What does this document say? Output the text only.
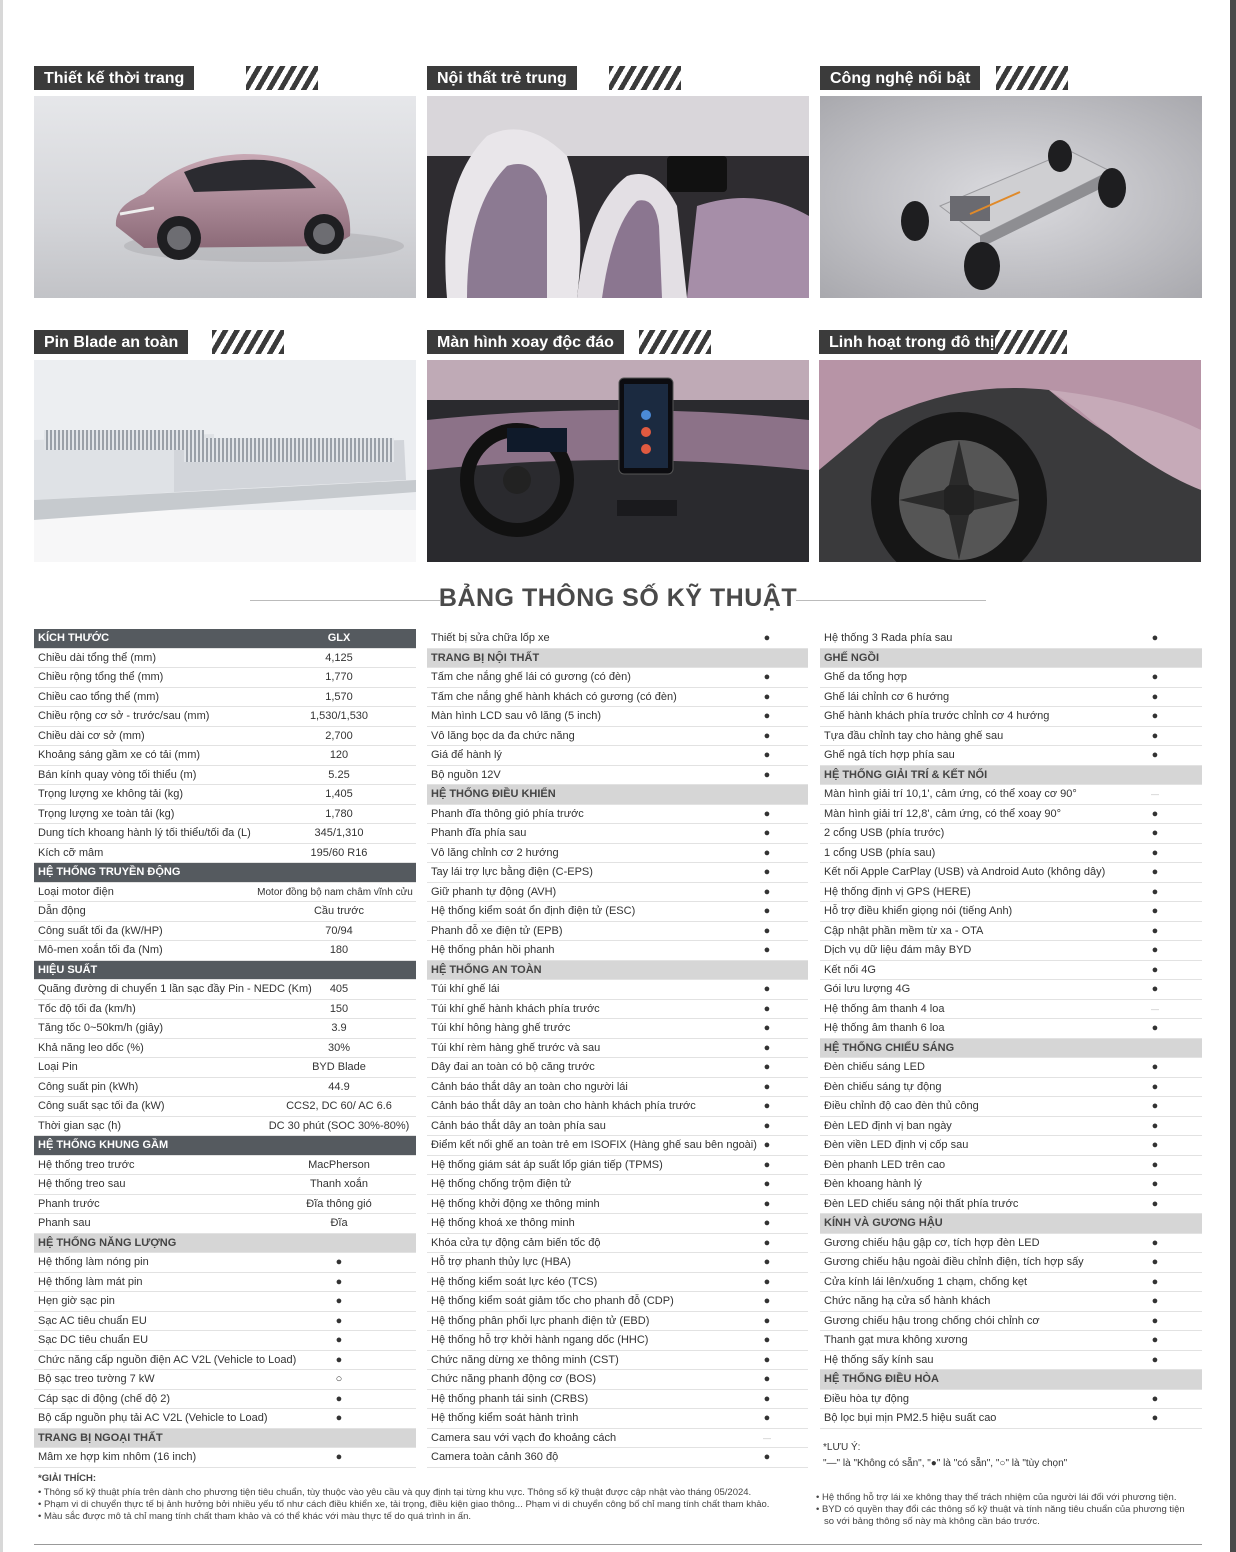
Thiết kế thời trang	Nội thất trẻ trung	Công nghệ nổi bật
Pin Blade an toàn	Màn hình xoay độc đáo	Linh hoạt trong đô thị
BẢNG THÔNG SỐ KỸ THUẬT
KÍCH THƯỚC	GLX
Chiều dài tổng thể (mm)	4,125
Chiều rộng tổng thể (mm)	1,770
Chiều cao tổng thể (mm)	1,570
Chiều rộng cơ sở - trước/sau (mm)	1,530/1,530
Chiều dài cơ sở (mm)	2,700
Khoảng sáng gầm xe có tải (mm)	120
Bán kính quay vòng tối thiểu (m)	5.25
Trọng lượng xe không tải (kg)	1,405
Trọng lượng xe toàn tải (kg)	1,780
Dung tích khoang hành lý tối thiểu/tối đa (L)	345/1,310
Kích cỡ mâm	195/60 R16
HỆ THỐNG TRUYỀN ĐỘNG
Loại motor điện	Motor đồng bộ nam châm vĩnh cửu
Dẫn động	Cầu trước
Công suất tối đa (kW/HP)	70/94
Mô-men xoắn tối đa (Nm)	180
HIỆU SUẤT
Quãng đường di chuyển 1 lần sạc đầy Pin - NEDC (Km)	405
Tốc độ tối đa (km/h)	150
Tăng tốc 0~50km/h (giây)	3.9
Khả năng leo dốc (%)	30%
Loại Pin	BYD Blade
Công suất pin (kWh)	44.9
Công suất sạc tối đa (kW)	CCS2, DC 60/ AC 6.6
Thời gian sạc (h)	DC 30 phút (SOC 30%-80%)
HỆ THỐNG KHUNG GẦM
Hệ thống treo trước	MacPherson
Hệ thống treo sau	Thanh xoắn
Phanh trước	Đĩa thông gió
Phanh sau	Đĩa
HỆ THỐNG NĂNG LƯỢNG
Hệ thống làm nóng pin	●
Hệ thống làm mát pin	●
Hẹn giờ sạc pin	●
Sạc AC tiêu chuẩn EU	●
Sạc DC tiêu chuẩn EU	●
Chức năng cấp nguồn điện AC V2L (Vehicle to Load)	●
Bộ sạc treo tường 7 kW	○
Cáp sạc di động (chế độ 2)	●
Bộ cấp nguồn phụ tải AC V2L (Vehicle to Load)	●
TRANG BỊ NGOẠI THẤT
Mâm xe hợp kim nhôm (16 inch)	●
Thiết bị sửa chữa lốp xe	●
TRANG BỊ NỘI THẤT
Tấm che nắng ghế lái có gương (có đèn)	●
Tấm che nắng ghế hành khách có gương (có đèn)	●
Màn hình LCD sau vô lăng (5 inch)	●
Vô lăng bọc da đa chức năng	●
Giá để hành lý	●
Bộ nguồn 12V	●
HỆ THỐNG ĐIỀU KHIỂN
Phanh đĩa thông gió phía trước	●
Phanh đĩa phía sau	●
Vô lăng chỉnh cơ 2 hướng	●
Tay lái trợ lực bằng điện (C-EPS)	●
Giữ phanh tự động (AVH)	●
Hệ thống kiểm soát ổn định điện tử (ESC)	●
Phanh đỗ xe điện tử (EPB)	●
Hệ thống phản hồi phanh	●
HỆ THỐNG AN TOÀN
Túi khí ghế lái	●
Túi khí ghế hành khách phía trước	●
Túi khí hông hàng ghế trước	●
Túi khí rèm hàng ghế trước và sau	●
Dây đai an toàn có bộ căng trước	●
Cảnh báo thắt dây an toàn cho người lái	●
Cảnh báo thắt dây an toàn cho hành khách phía trước	●
Cảnh báo thắt dây an toàn phía sau	●
Điểm kết nối ghế an toàn trẻ em ISOFIX (Hàng ghế sau bên ngoài) ●
Hệ thống giám sát áp suất lốp gián tiếp (TPMS)	●
Hệ thống chống trộm điện tử	●
Hệ thống khởi động xe thông minh	●
Hệ thống khoá xe thông minh	●
Khóa cửa tự động cảm biến tốc độ	●
Hỗ trợ phanh thủy lực (HBA)	●
Hệ thống kiểm soát lực kéo (TCS)	●
Hệ thống kiểm soát giảm tốc cho phanh đỗ (CDP)	●
Hệ thống phân phối lực phanh điện tử (EBD)	●
Hệ thống hỗ trợ khởi hành ngang dốc (HHC)	●
Chức năng dừng xe thông minh (CST)	●
Chức năng phanh động cơ (BOS)	●
Hệ thống phanh tái sinh (CRBS)	●
Hệ thống kiểm soát hành trình	●
Camera sau với vạch đo khoảng cách	—
Camera toàn cảnh 360 độ	●
Hệ thống 3 Rada phía sau	●
GHẾ NGỒI
Ghế da tổng hợp	●
Ghế lái chỉnh cơ 6 hướng	●
Ghế hành khách phía trước chỉnh cơ 4 hướng	●
Tựa đầu chỉnh tay cho hàng ghế sau	●
Ghế ngả tích hợp phía sau	●
HỆ THỐNG GIẢI TRÍ & KẾT NỐI
Màn hình giải trí 10,1', cảm ứng, có thể xoay cơ 90°	—
Màn hình giải trí 12,8', cảm ứng, có thể xoay 90°	●
2 cổng USB (phía trước)	●
1 cổng USB (phía sau)	●
Kết nối Apple CarPlay (USB) và Android Auto (không dây)	●
Hệ thống định vị GPS (HERE)	●
Hỗ trợ điều khiển giọng nói (tiếng Anh)	●
Cập nhật phần mềm từ xa - OTA	●
Dịch vụ dữ liệu đám mây BYD	●
Kết nối 4G	●
Gói lưu lượng 4G	●
Hệ thống âm thanh 4 loa	—
Hệ thống âm thanh 6 loa	●
HỆ THỐNG CHIẾU SÁNG
Đèn chiếu sáng LED	●
Đèn chiếu sáng tự động	●
Điều chỉnh độ cao đèn thủ công	●
Đèn LED định vị ban ngày	●
Đèn viền LED định vị cốp sau	●
Đèn phanh LED trên cao	●
Đèn khoang hành lý	●
Đèn LED chiếu sáng nội thất phía trước	●
KÍNH VÀ GƯƠNG HẬU
Gương chiếu hậu gập cơ, tích hợp đèn LED	●
Gương chiếu hậu ngoài điều chỉnh điện, tích hợp sấy	●
Cửa kính lái lên/xuống 1 chạm, chống kẹt	●
Chức năng hạ cửa sổ hành khách	●
Gương chiếu hậu trong chống chói chỉnh cơ	●
Thanh gạt mưa không xương	●
Hệ thống sấy kính sau	●
HỆ THỐNG ĐIỀU HÒA
Điều hòa tự động	●
Bộ lọc bụi mịn PM2.5 hiệu suất cao	●
*LƯU Ý:
"—" là "Không có sẵn", "●" là "có sẵn", "○" là "tùy chọn"
*GIẢI THÍCH:
• Thông số kỹ thuật phía trên dành cho phương tiện tiêu chuẩn, tùy thuộc vào yêu cầu và quy định tại từng khu vực. Thông số kỹ thuật được cập nhật vào tháng 05/2024.
• Phạm vi di chuyển thực tế bị ảnh hưởng bởi nhiều yếu tố như cách điều khiển xe, tải trọng, điều kiện giao thông... Phạm vi di chuyển công bố chỉ mang tính chất tham khảo.
• Màu sắc được mô tả chỉ mang tính chất tham khảo và có thể khác với màu thực tế do quá trình in ấn.
• Hệ thống hỗ trợ lái xe không thay thế trách nhiệm của người lái đối với phương tiện.
• BYD có quyền thay đổi các thông số kỹ thuật và tính năng tiêu chuẩn của phương tiện
so với bảng thông số này mà không cần báo trước.
